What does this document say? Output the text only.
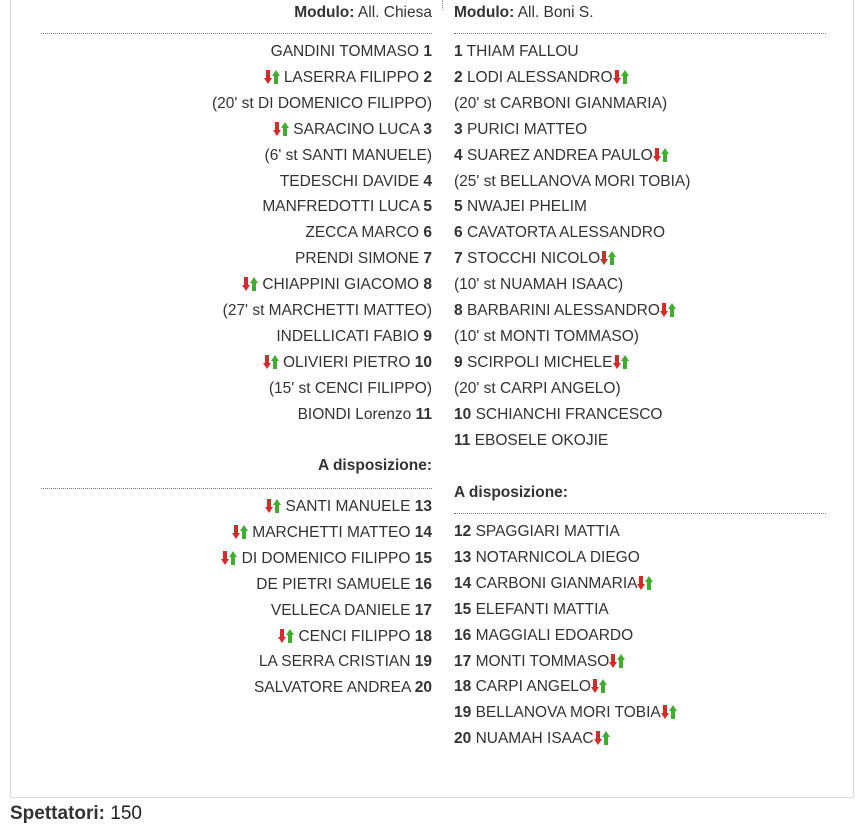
Modulo: All. Chiesa
GANDINI TOMMASO 1
LASERRA FILIPPO 2
(20' st DI DOMENICO FILIPPO)
SARACINO LUCA 3
(6' st SANTI MANUELE)
TEDESCHI DAVIDE 4
MANFREDOTTI LUCA 5
ZECCA MARCO 6
PRENDI SIMONE 7
CHIAPPINI GIACOMO 8
(27' st MARCHETTI MATTEO)
INDELLICATI FABIO 9
OLIVIERI PIETRO 10
(15' st CENCI FILIPPO)
BIONDI Lorenzo 11
A disposizione:
SANTI MANUELE 13
MARCHETTI MATTEO 14
DI DOMENICO FILIPPO 15
DE PIETRI SAMUELE 16
VELLECA DANIELE 17
CENCI FILIPPO 18
LA SERRA CRISTIAN 19
SALVATORE ANDREA 20
Modulo: All. Boni S.
1 THIAM FALLOU
2 LODI ALESSANDRO
(20' st CARBONI GIANMARIA)
3 PURICI MATTEO
4 SUAREZ ANDREA PAULO
(25' st BELLANOVA MORI TOBIA)
5 NWAJEI PHELIM
6 CAVATORTA ALESSANDRO
7 STOCCHI NICOLO
(10' st NUAMAH ISAAC)
8 BARBARINI ALESSANDRO
(10' st MONTI TOMMASO)
9 SCIRPOLI MICHELE
(20' st CARPI ANGELO)
10 SCHIANCHI FRANCESCO
11 EBOSELE OKOJIE
A disposizione:
12 SPAGGIARI MATTIA
13 NOTARNICOLA DIEGO
14 CARBONI GIANMARIA
15 ELEFANTI MATTIA
16 MAGGIALI EDOARDO
17 MONTI TOMMASO
18 CARPI ANGELO
19 BELLANOVA MORI TOBIA
20 NUAMAH ISAAC
Spettatori: 150
